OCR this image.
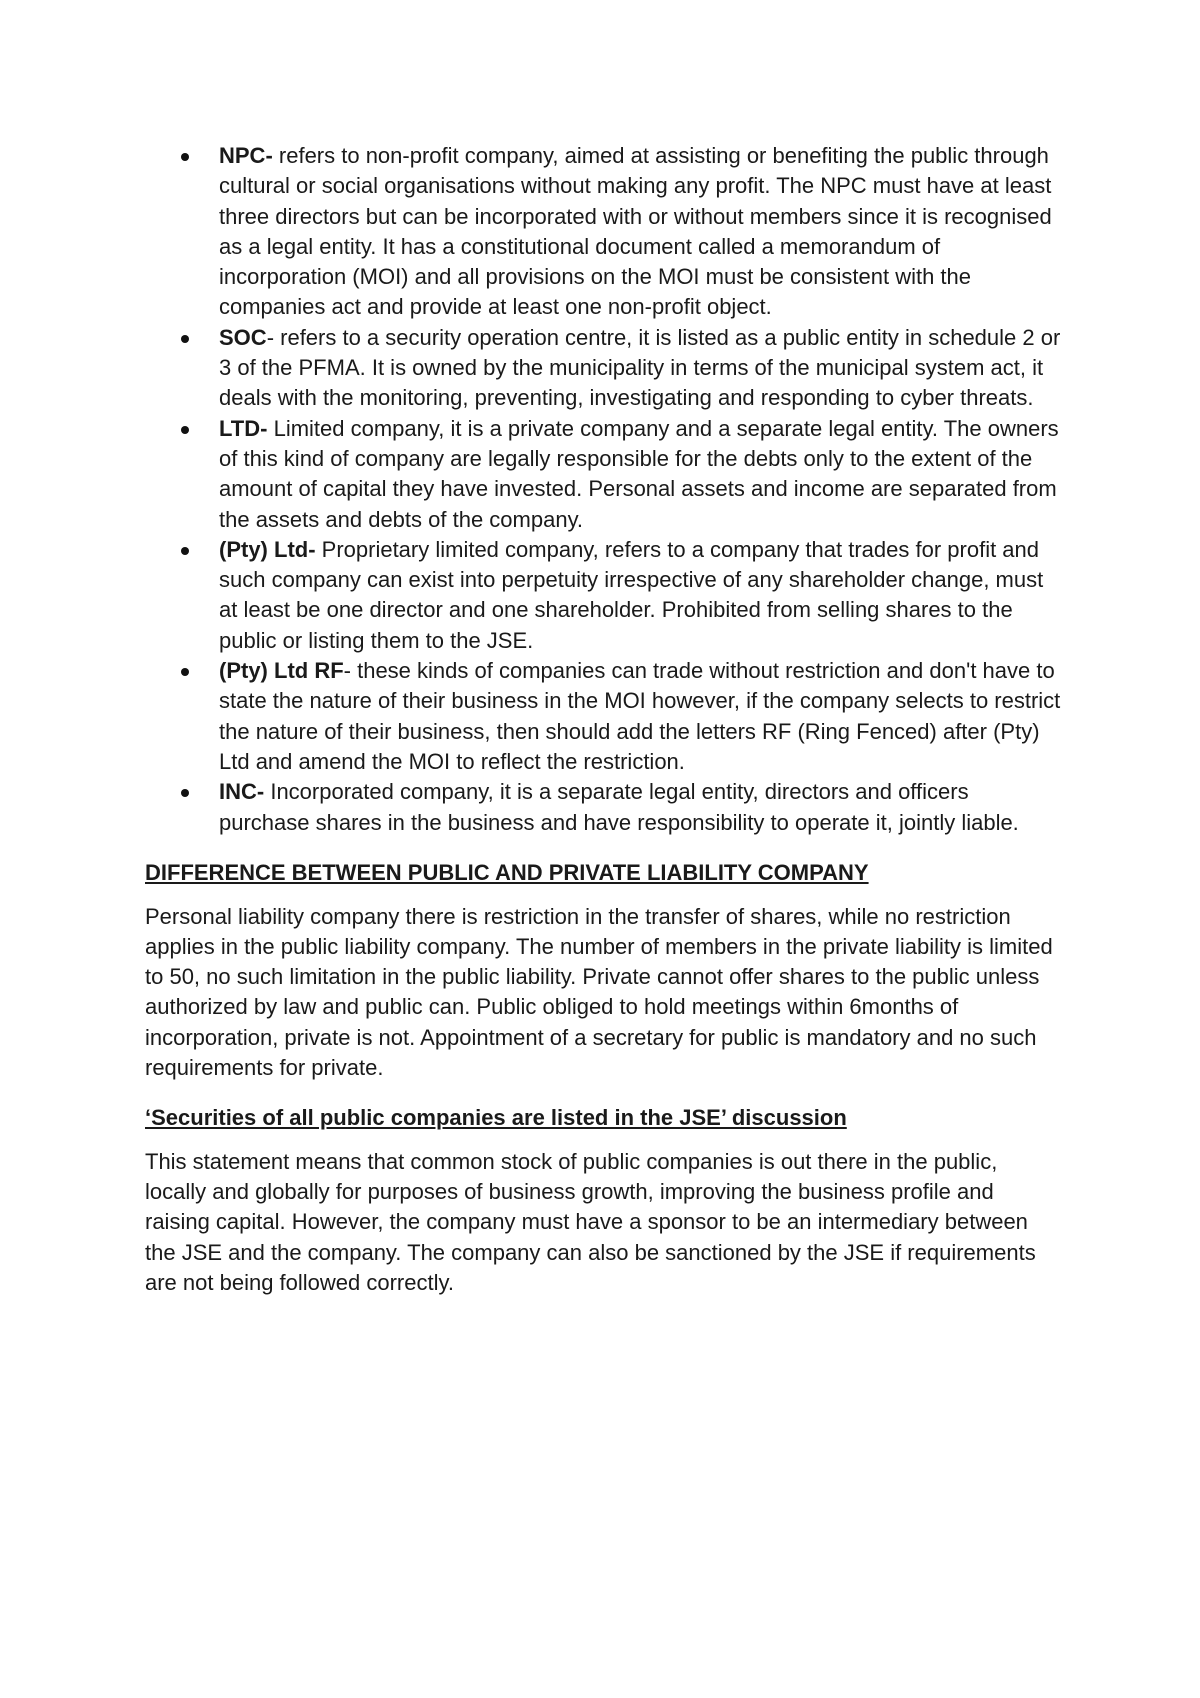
NPC- refers to non-profit company, aimed at assisting or benefiting the public through cultural or social organisations without making any profit. The NPC must have at least three directors but can be incorporated with or without members since it is recognised as a legal entity. It has a constitutional document called a memorandum of incorporation (MOI) and all provisions on the MOI must be consistent with the companies act and provide at least one non-profit object.
SOC- refers to a security operation centre, it is listed as a public entity in schedule 2 or 3 of the PFMA. It is owned by the municipality in terms of the municipal system act, it deals with the monitoring, preventing, investigating and responding to cyber threats.
LTD- Limited company, it is a private company and a separate legal entity. The owners of this kind of company are legally responsible for the debts only to the extent of the amount of capital they have invested. Personal assets and income are separated from the assets and debts of the company.
(Pty) Ltd- Proprietary limited company, refers to a company that trades for profit and such company can exist into perpetuity irrespective of any shareholder change, must at least be one director and one shareholder. Prohibited from selling shares to the public or listing them to the JSE.
(Pty) Ltd RF- these kinds of companies can trade without restriction and don't have to state the nature of their business in the MOI however, if the company selects to restrict the nature of their business, then should add the letters RF (Ring Fenced) after (Pty) Ltd and amend the MOI to reflect the restriction.
INC- Incorporated company, it is a separate legal entity, directors and officers purchase shares in the business and have responsibility to operate it, jointly liable.
DIFFERENCE BETWEEN PUBLIC AND PRIVATE LIABILITY COMPANY

Personal liability company there is restriction in the transfer of shares, while no restriction applies in the public liability company. The number of members in the private liability is limited to 50, no such limitation in the public liability. Private cannot offer shares to the public unless authorized by law and public can. Public obliged to hold meetings within 6months of incorporation, private is not. Appointment of a secretary for public is mandatory and no such requirements for private.

‘Securities of all public companies are listed in the JSE’ discussion

This statement means that common stock of public companies is out there in the public, locally and globally for purposes of business growth, improving the business profile and raising capital. However, the company must have a sponsor to be an intermediary between the JSE and the company. The company can also be sanctioned by the JSE if requirements are not being followed correctly.
